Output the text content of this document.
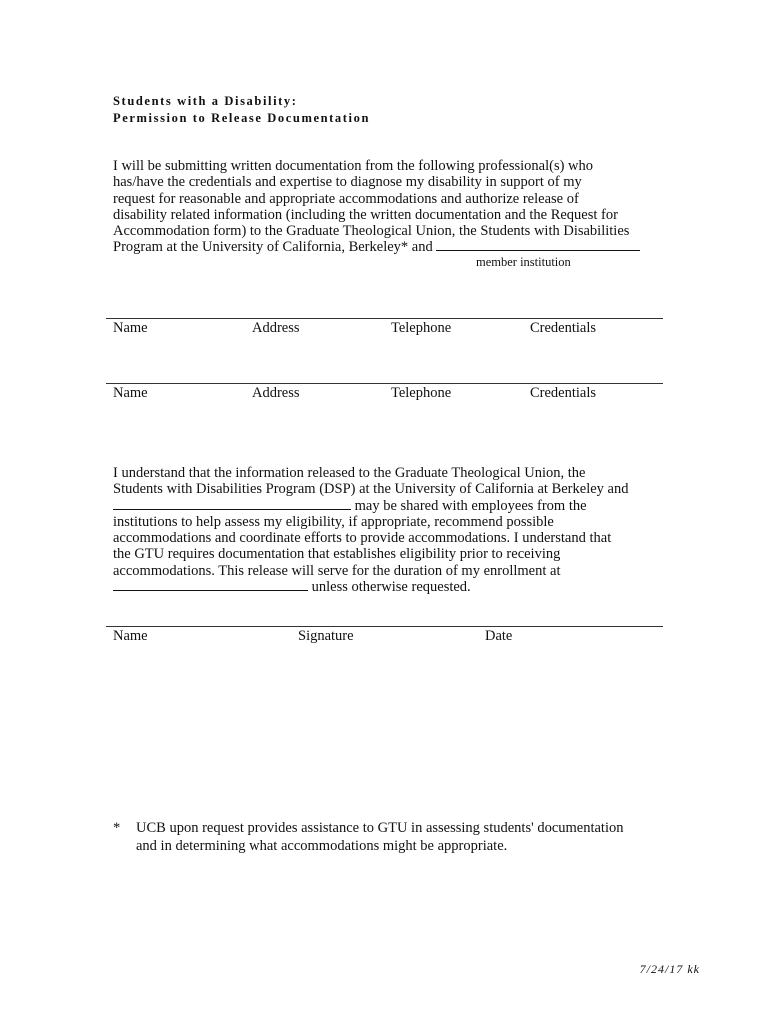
Students with a Disability:
Permission to Release Documentation
I will be submitting written documentation from the following professional(s) who
has/have the credentials and expertise to diagnose my disability in support of my
request for reasonable and appropriate accommodations and authorize release of
disability related information (including the written documentation and the Request for
Accommodation form) to the Graduate Theological Union, the Students with Disabilities
Program at the University of California, Berkeley* and
member institution
Name	Address	Telephone	Credentials
Name	Address	Telephone	Credentials
I understand that the information released to the Graduate Theological Union, the
Students with Disabilities Program (DSP) at the University of California at Berkeley and
may be shared with employees from the
institutions to help assess my eligibility, if appropriate, recommend possible
accommodations and coordinate efforts to provide accommodations. I understand that
the GTU requires documentation that establishes eligibility prior to receiving
accommodations. This release will serve for the duration of my enrollment at
unless otherwise requested.
Name	Signature	Date
* UCB upon request provides assistance to GTU in assessing students' documentation
and in determining what accommodations might be appropriate.
7/24/17 kk
